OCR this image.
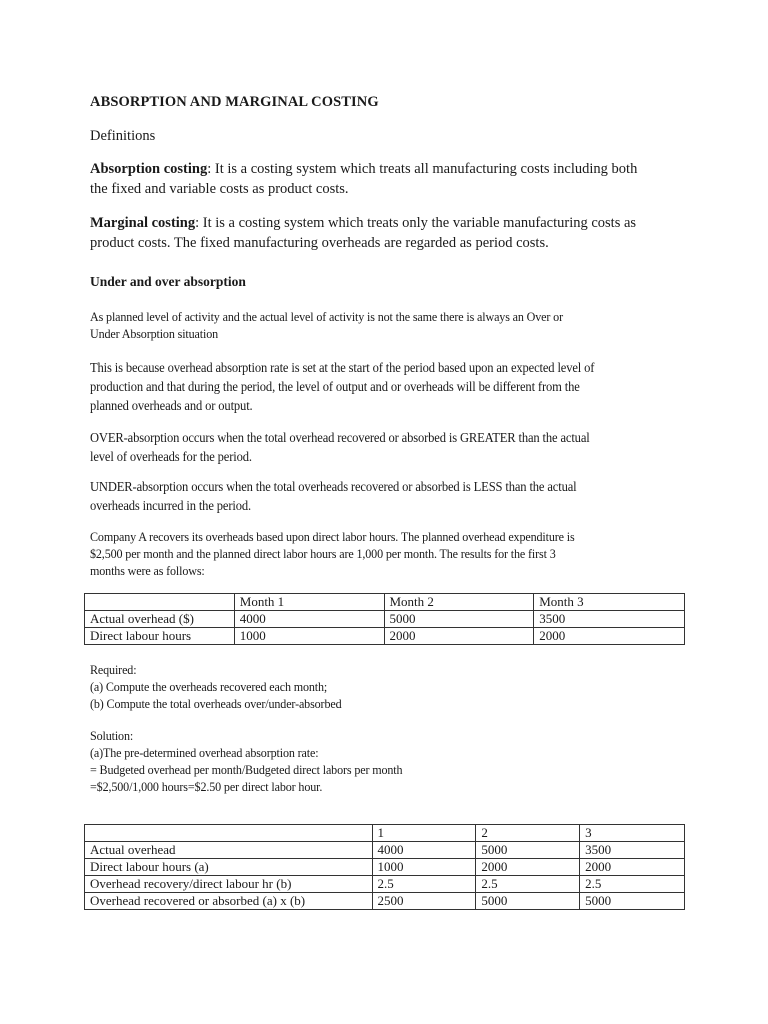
ABSORPTION AND MARGINAL COSTING

Definitions

Absorption costing: It is a costing system which treats all manufacturing costs including both
the fixed and variable costs as product costs.
Marginal costing: It is a costing system which treats only the variable manufacturing costs as
product costs. The fixed manufacturing overheads are regarded as period costs.

Under and over absorption

As planned level of activity and the actual level of activity is not the same there is always an Over or
Under Absorption situation
This is because overhead absorption rate is set at the start of the period based upon an expected level of
production and that during the period, the level of output and or overheads will be different from the
planned overheads and or output.
OVER-absorption occurs when the total overhead recovered or absorbed is GREATER than the actual
level of overheads for the period.
UNDER-absorption occurs when the total overheads recovered or absorbed is LESS than the actual
overheads incurred in the period.
Company A recovers its overheads based upon direct labor hours. The planned overhead expenditure is
$2,500 per month and the planned direct labor hours are 1,000 per month. The results for the first 3
months were as follows:
	Month 1	Month 2	Month 3
Actual overhead ($)	4000	5000	3500
Direct labour hours	1000	2000	2000
Required:
(a) Compute the overheads recovered each month;
(b) Compute the total overheads over/under-absorbed
Solution:
(a)The pre-determined overhead absorption rate:
= Budgeted overhead per month/Budgeted direct labors per month
=$2,500/1,000 hours=$2.50 per direct labor hour.
	1	2	3
Actual overhead	4000	5000	3500
Direct labour hours (a)	1000	2000	2000
Overhead recovery/direct labour hr (b)	2.5	2.5	2.5
Overhead recovered or absorbed (a) x (b)	2500	5000	5000
